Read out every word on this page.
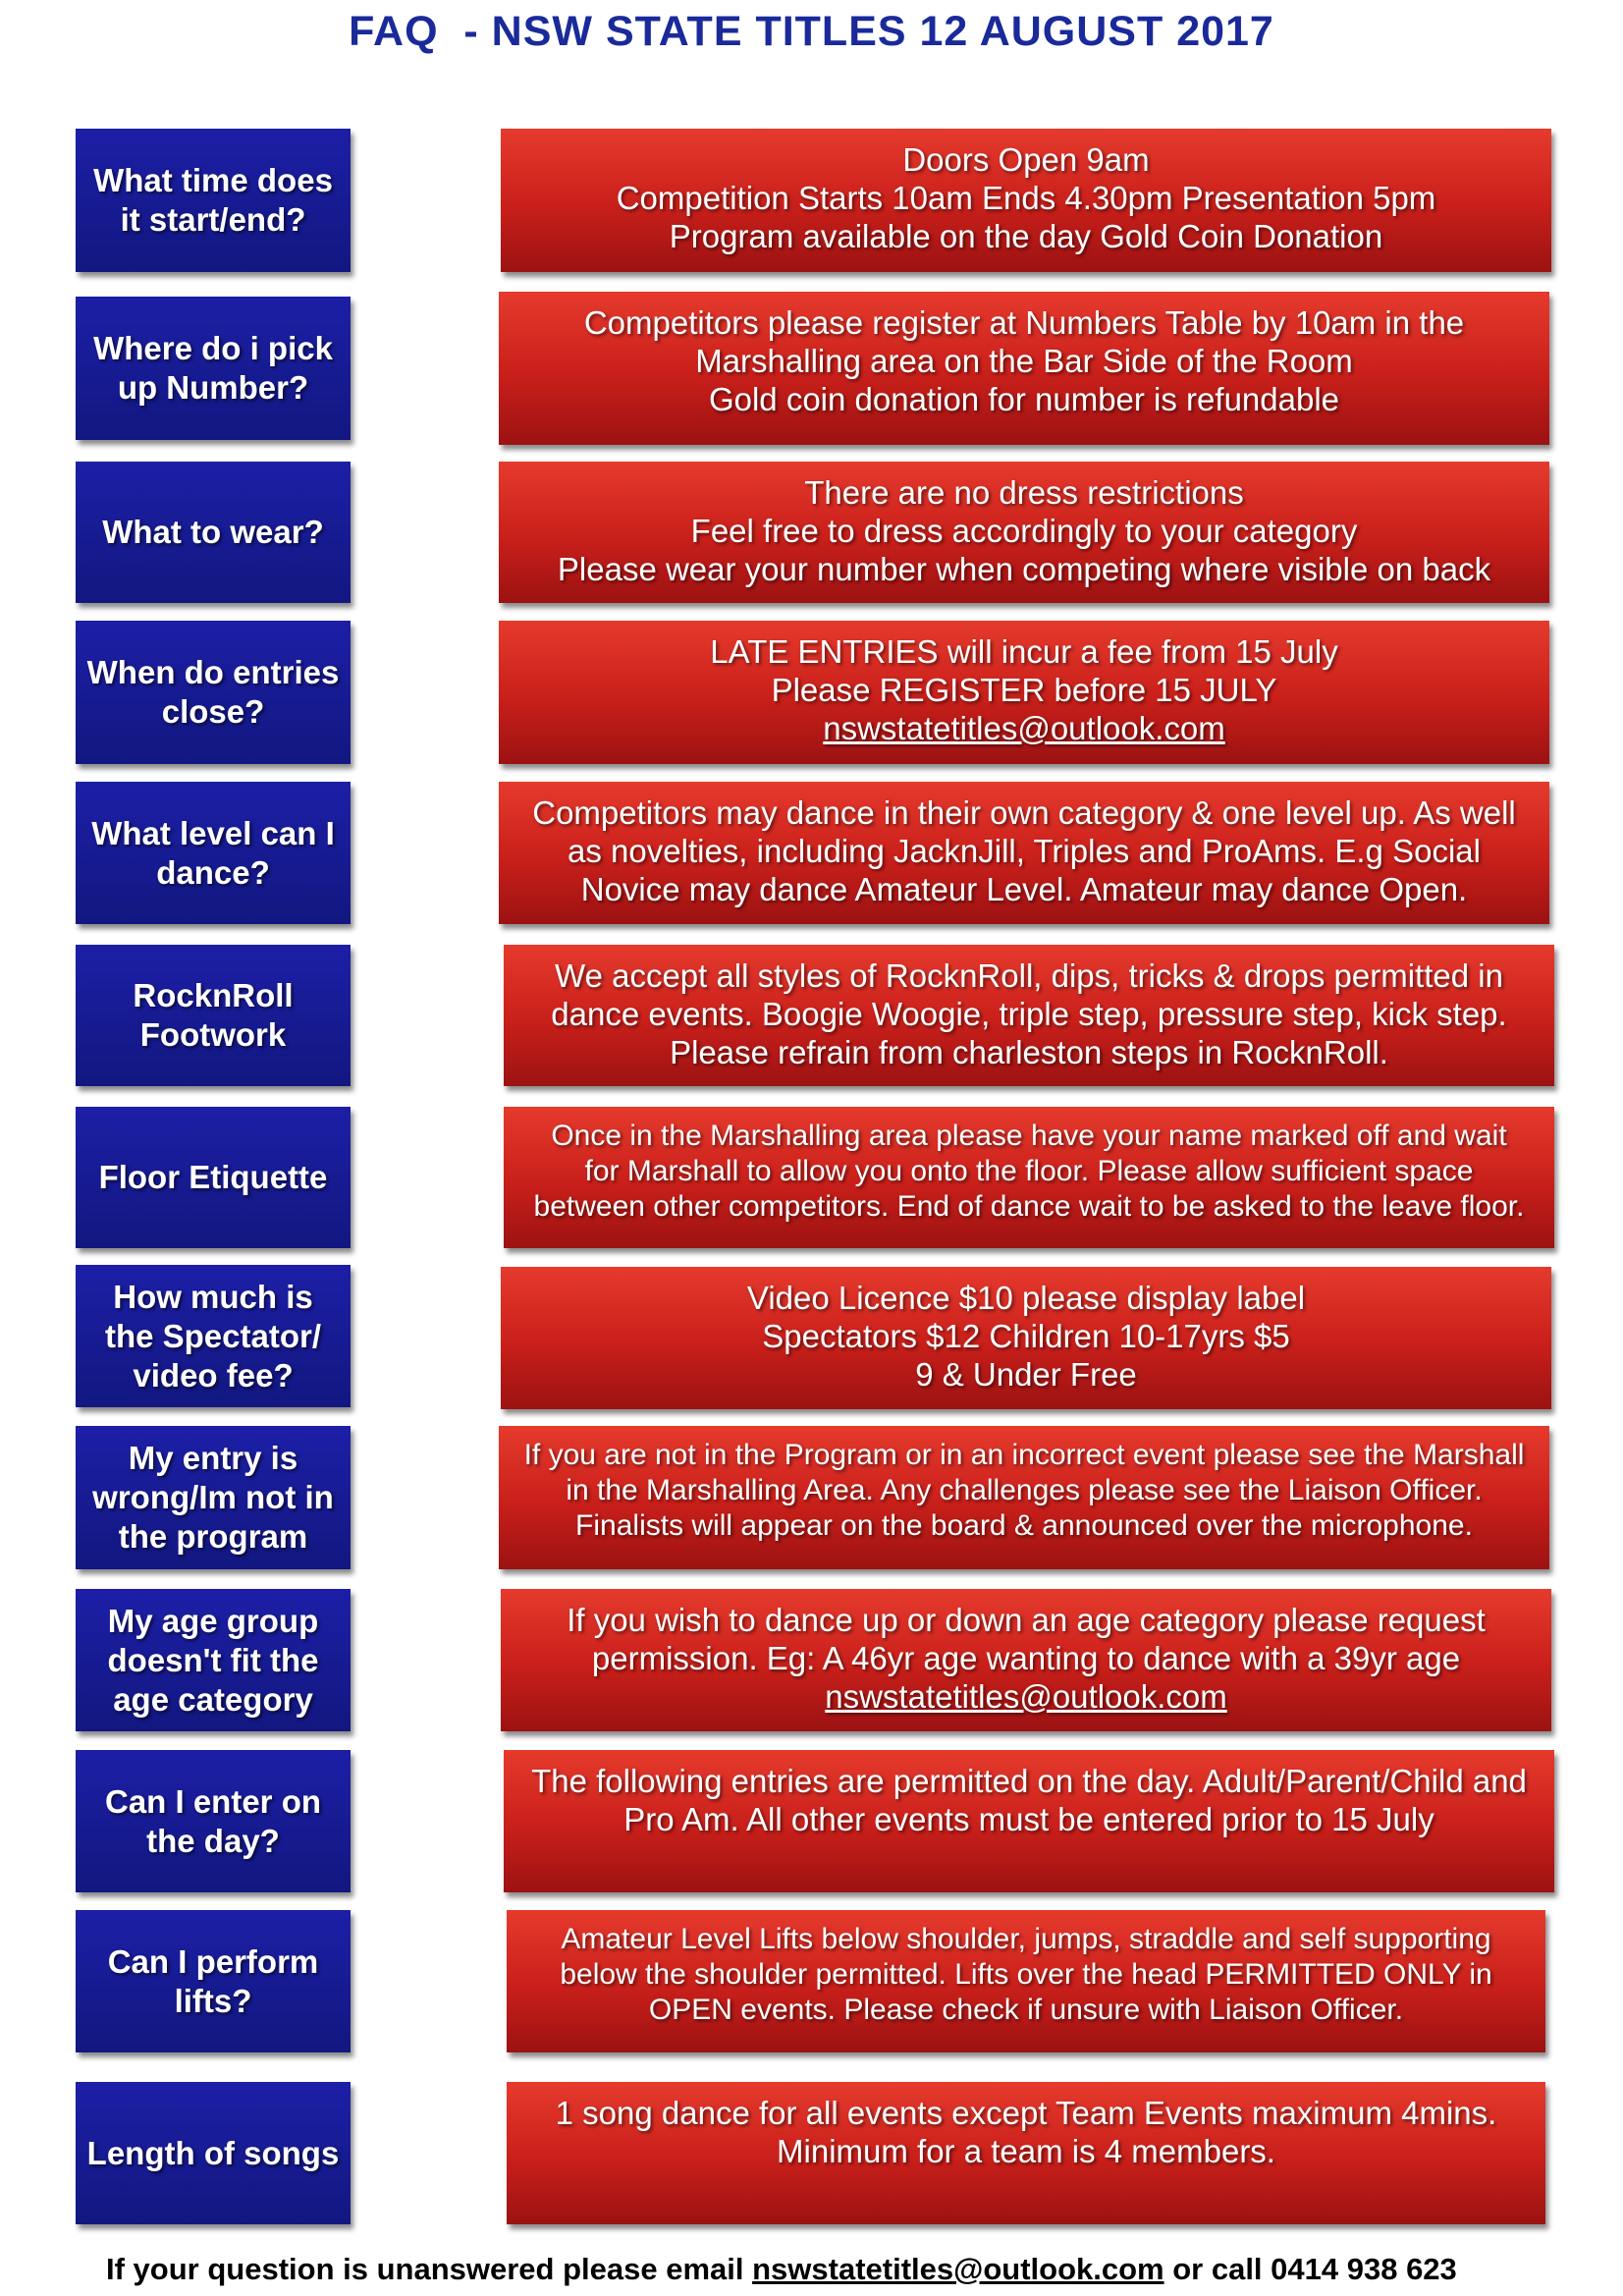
FAQ  - NSW STATE TITLES 12 AUGUST 2017
What time does it start/end?
Doors Open 9am
Competition Starts 10am Ends 4.30pm Presentation 5pm
Program available on the day Gold Coin Donation
Where do i pick up Number?
Competitors please register at Numbers Table by 10am in the
Marshalling area on the Bar Side of the Room
Gold coin donation for number is refundable
What to wear?
There are no dress restrictions
Feel free to dress accordingly to your category
Please wear your number when competing where visible on back
When do entries close?
LATE ENTRIES will incur a fee from 15 July
Please REGISTER before 15 JULY
nswstatetitles@outlook.com
What level can I dance?
Competitors may dance in their own category & one level up. As well
as novelties, including JacknJill, Triples and ProAms. E.g Social
Novice may dance Amateur Level. Amateur may dance Open.
RocknRoll Footwork
We accept all styles of RocknRoll, dips, tricks & drops permitted in
dance events. Boogie Woogie, triple step, pressure step, kick step.
Please refrain from charleston steps in RocknRoll.
Floor Etiquette
Once in the Marshalling area please have your name marked off and wait
for Marshall to allow you onto the floor. Please allow sufficient space
between other competitors. End of dance wait to be asked to the leave floor.
How much is the Spectator/ video fee?
Video Licence $10 please display label
Spectators $12 Children 10-17yrs $5
9 & Under Free
My entry is wrong/Im not in the program
If you are not in the Program or in an incorrect event please see the Marshall
in the Marshalling Area. Any challenges please see the Liaison Officer.
Finalists will appear on the board & announced over the microphone.
My age group doesn't fit the age category
If you wish to dance up or down an age category please request
permission. Eg: A 46yr age wanting to dance with a 39yr age
nswstatetitles@outlook.com
Can I enter on the day?
The following entries are permitted on the day. Adult/Parent/Child and
Pro Am. All other events must be entered prior to 15 July
Can I perform lifts?
Amateur Level Lifts below shoulder, jumps, straddle and self supporting
below the shoulder permitted. Lifts over the head PERMITTED ONLY in
OPEN events. Please check if unsure with Liaison Officer.
Length of songs
1 song dance for all events except Team Events maximum 4mins.
Minimum for a team is 4 members.
If your question is unanswered please email nswstatetitles@outlook.com or call 0414 938 623
